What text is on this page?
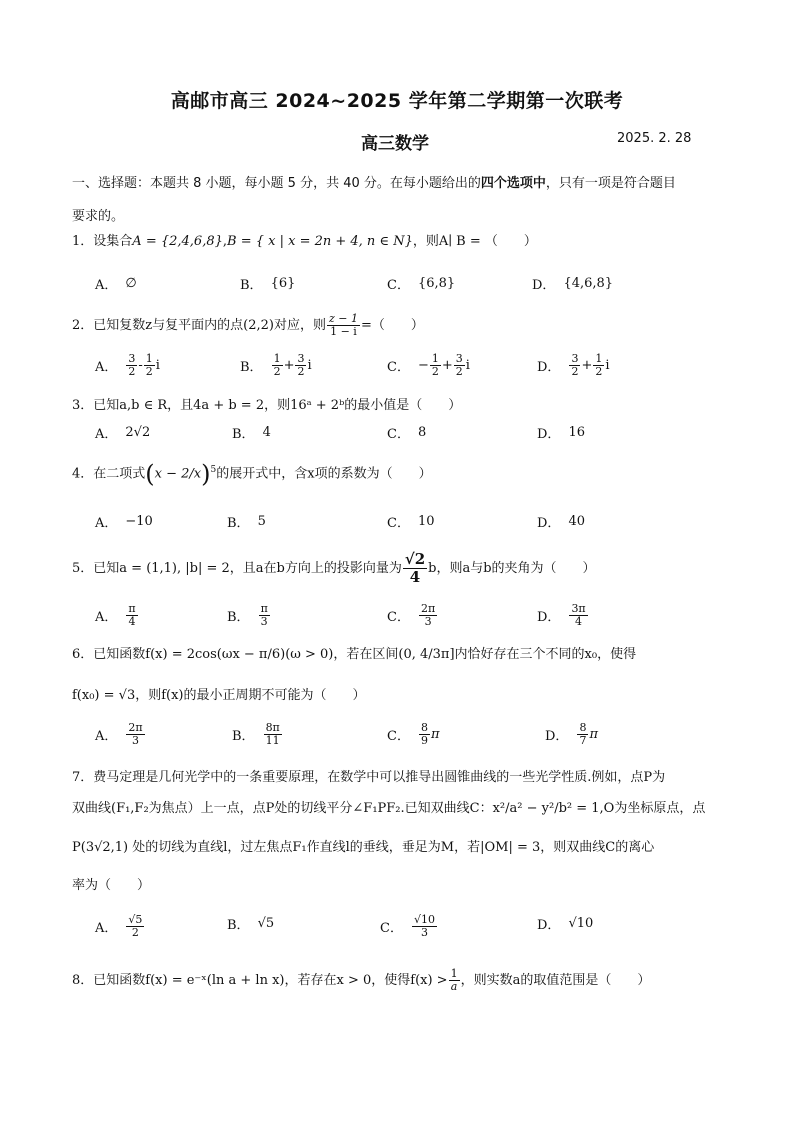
高邮市高三 2024~2025 学年第二学期第一次联考
高三数学	2025. 2. 28
一、选择题：本题共 8 小题，每小题 5 分，共 40 分。在每小题给出的四个选项中，只有一项是符合题目
要求的。
1．设集合A = {2,4,6,8},B = { x | x = 2n + 4, n ∈ N}，则A∣ B = （　　）
A． ∅	B． {6}	C． {6,8}	D． {4,6,8}
2．已知复数z与复平面内的点(2,2)对应，则 $\frac{z - 1}{1 - i}$ =（　　）
A． $\frac{3}{2} - \frac{1}{2}$ i	B． $\frac{1}{2} + \frac{3}{2}$ i	C． − $\frac{1}{2} + \frac{3}{2}$ i	D． $\frac{3}{2} + \frac{1}{2}$ i
3．已知a,b ∈ R，且4a + b = 2，则16ᵃ + 2ᵇ的最小值是（　　）
A． 2√2	B． 4	C． 8	D． 16
4．在二项式$(x - 2/x)^5$的展开式中，含x项的系数为（　　）
A． −10	B． 5	C． 10	D． 40
5．已知a = (1,1), |b| = 2，且a在b方向上的投影向量为 $\frac{√2}{4}$ b，则a与b的夹角为（　　）
A． $\frac{\pi}{4}$	B． $\frac{\pi}{3}$	C． $\frac{2\pi}{3}$	D． $\frac{3\pi}{4}$
6．已知函数f(x) = 2cos(ωx − π/6)(ω > 0)，若在区间(0, 4/3π]内恰好存在三个不同的x₀，使得
f(x₀) = √3，则f(x)的最小正周期不可能为（　　）
A． $\frac{2\pi}{3}$	B． $\frac{8\pi}{11}$	C． $\frac{8}{9}$ π	D． $\frac{8}{7}$ π
7．费马定理是几何光学中的一条重要原理，在数学中可以推导出圆锥曲线的一些光学性质.例如，点P为
双曲线(F₁,F₂为焦点）上一点，点P处的切线平分∠F₁PF₂.已知双曲线C：x²/a² − y²/b² = 1,O为坐标原点，点
P(3√2,1) 处的切线为直线l，过左焦点F₁作直线l的垂线，垂足为M，若|OM| = 3，则双曲线C的离心
率为（　　）
A． $\frac{√5}{2}$	B． √5	C． $\frac{√10}{3}$	D． √10
8．已知函数f(x) = e⁻ˣ(ln a + ln x)，若存在x > 0，使得$f(x) > \frac{1}{a}$ ，则实数a的取值范围是（　　）
